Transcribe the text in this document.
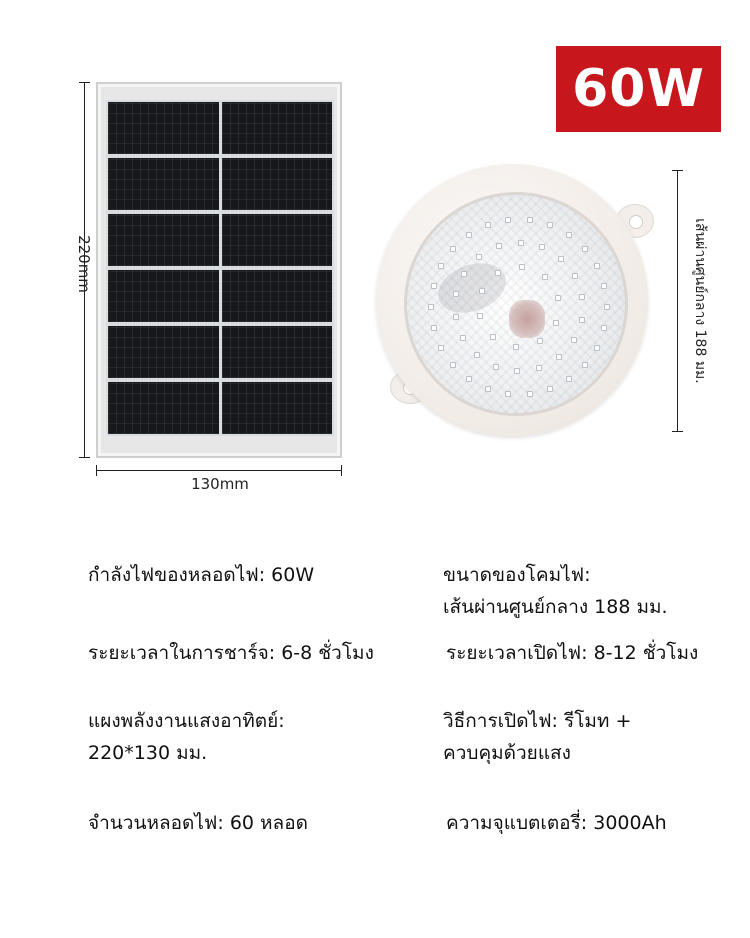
60W
220mm
130mm
เส้นผ่านศูนย์กลาง 188 มม.
กำลังไฟของหลอดไฟ: 60W	ขนาดของโคมไฟ:
เส้นผ่านศูนย์กลาง 188 มม.
ระยะเวลาในการชาร์จ: 6-8 ชั่วโมง	ระยะเวลาเปิดไฟ: 8-12 ชั่วโมง
แผงพลังงานแสงอาทิตย์:
220*130 มม.
วิธีการเปิดไฟ: รีโมท +
ควบคุมด้วยแสง
จำนวนหลอดไฟ: 60 หลอด	ความจุแบตเตอรี่: 3000Ah
